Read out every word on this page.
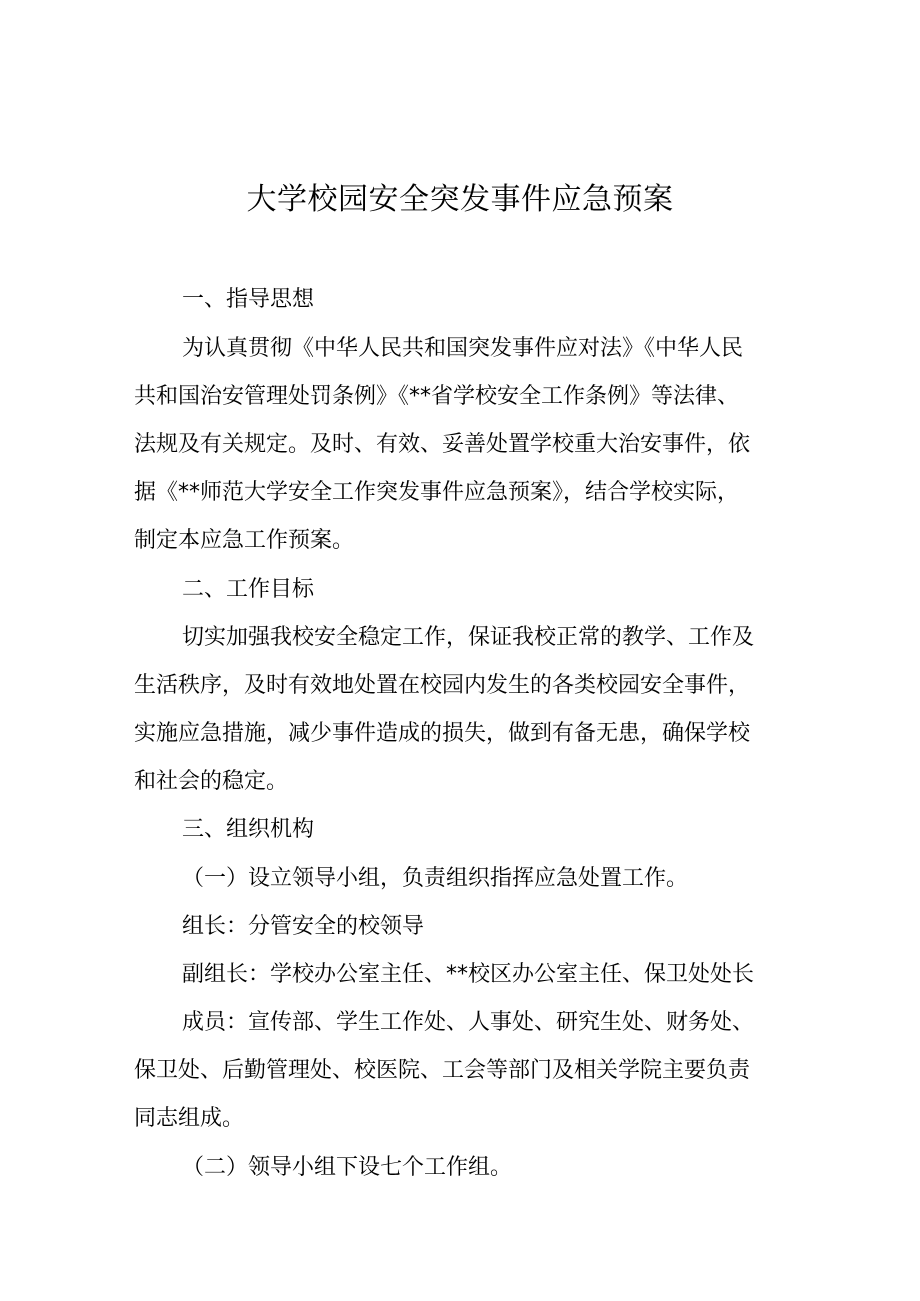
大学校园安全突发事件应急预案
一、指导思想
为认真贯彻《中华人民共和国突发事件应对法》《中华人民
共和国治安管理处罚条例》《**省学校安全工作条例》等法律、
法规及有关规定。及时、有效、妥善处置学校重大治安事件，依
据《**师范大学安全工作突发事件应急预案》，结合学校实际，
制定本应急工作预案。
二、工作目标
切实加强我校安全稳定工作，保证我校正常的教学、工作及
生活秩序，及时有效地处置在校园内发生的各类校园安全事件，
实施应急措施，减少事件造成的损失，做到有备无患，确保学校
和社会的稳定。
三、组织机构
（一）设立领导小组，负责组织指挥应急处置工作。
组长：分管安全的校领导
副组长：学校办公室主任、**校区办公室主任、保卫处处长
成员：宣传部、学生工作处、人事处、研究生处、财务处、
保卫处、后勤管理处、校医院、工会等部门及相关学院主要负责
同志组成。
（二）领导小组下设七个工作组。
